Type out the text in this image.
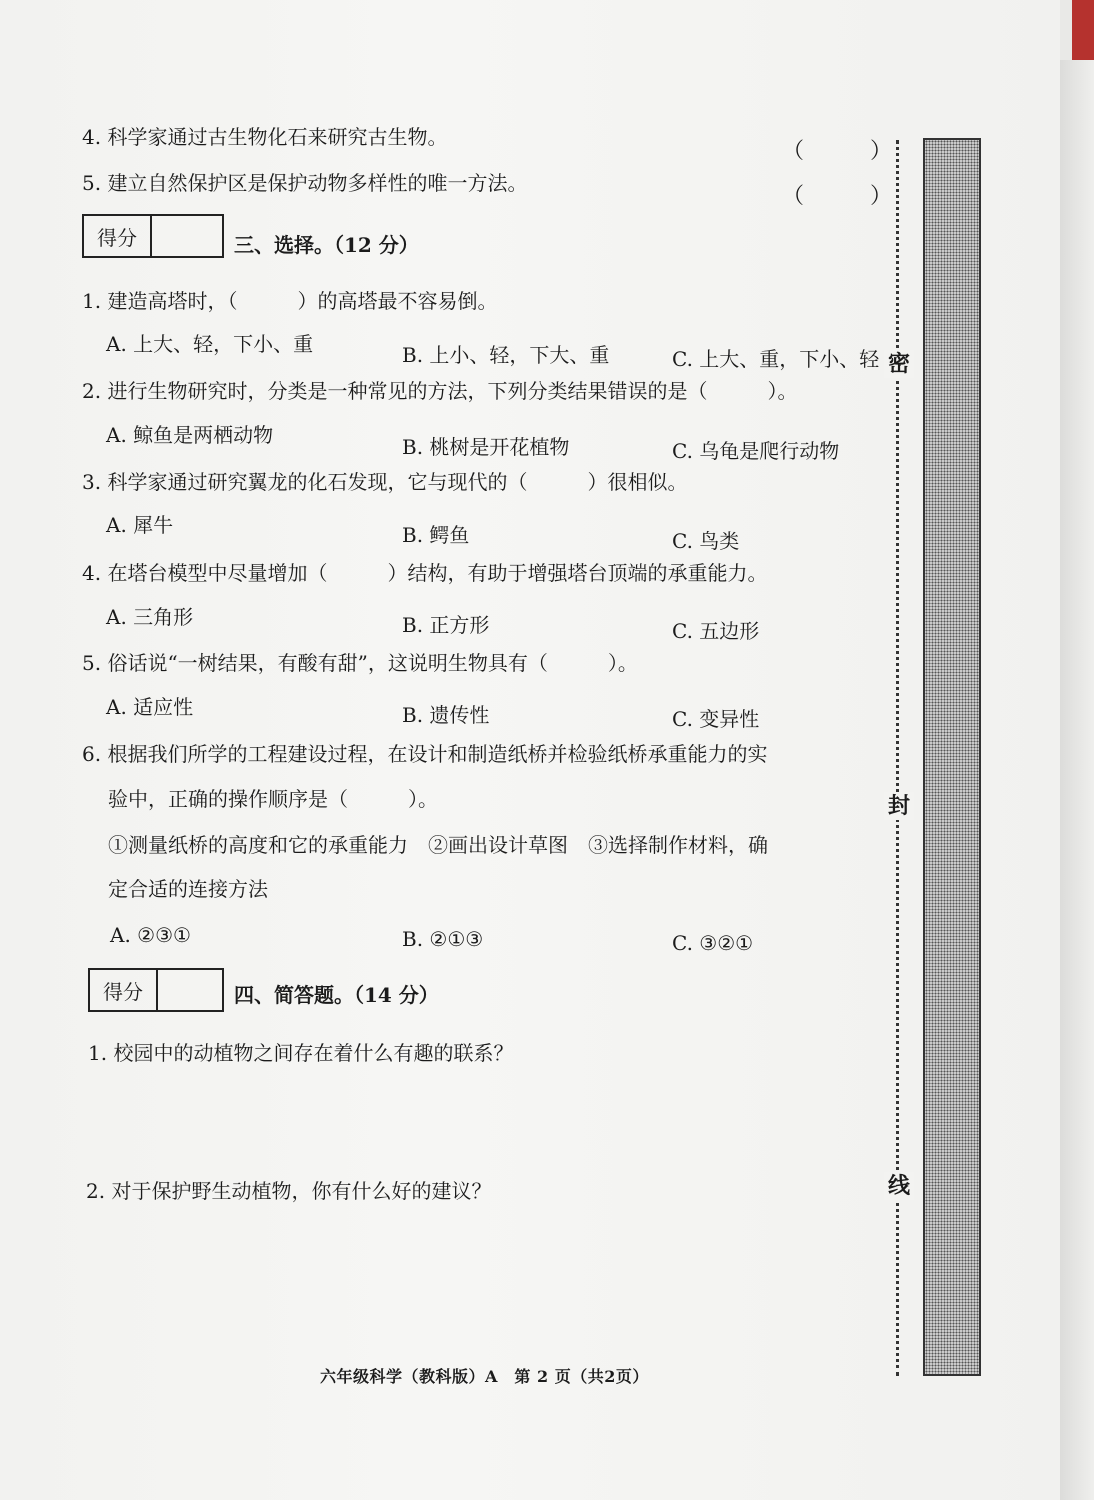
4. 科学家通过古生物化石来研究古生物。
（　　　）
5. 建立自然保护区是保护动物多样性的唯一方法。
（　　　）
得分	三、选择。（12 分）
1. 建造高塔时，（　　　）的高塔最不容易倒。
A. 上大、轻，下小、重	B. 上小、轻，下大、重	C. 上大、重，下小、轻
2. 进行生物研究时，分类是一种常见的方法，下列分类结果错误的是（　　　）。
A. 鲸鱼是两栖动物	B. 桃树是开花植物	C. 乌龟是爬行动物
3. 科学家通过研究翼龙的化石发现，它与现代的（　　　）很相似。
A. 犀牛	B. 鳄鱼	C. 鸟类
4. 在塔台模型中尽量增加（　　　）结构，有助于增强塔台顶端的承重能力。
A. 三角形	B. 正方形	C. 五边形
5. 俗话说“一树结果，有酸有甜”，这说明生物具有（　　　）。
A. 适应性	B. 遗传性	C. 变异性
6. 根据我们所学的工程建设过程，在设计和制造纸桥并检验纸桥承重能力的实
验中，正确的操作顺序是（　　　）。
①测量纸桥的高度和它的承重能力　②画出设计草图　③选择制作材料，确
定合适的连接方法
A. ②③①	B. ②①③	C. ③②①
得分	四、简答题。（14 分）
1. 校园中的动植物之间存在着什么有趣的联系？
2. 对于保护野生动植物，你有什么好的建议？
密
封
线
六年级科学（教科版）A　第 2 页（共2页）
